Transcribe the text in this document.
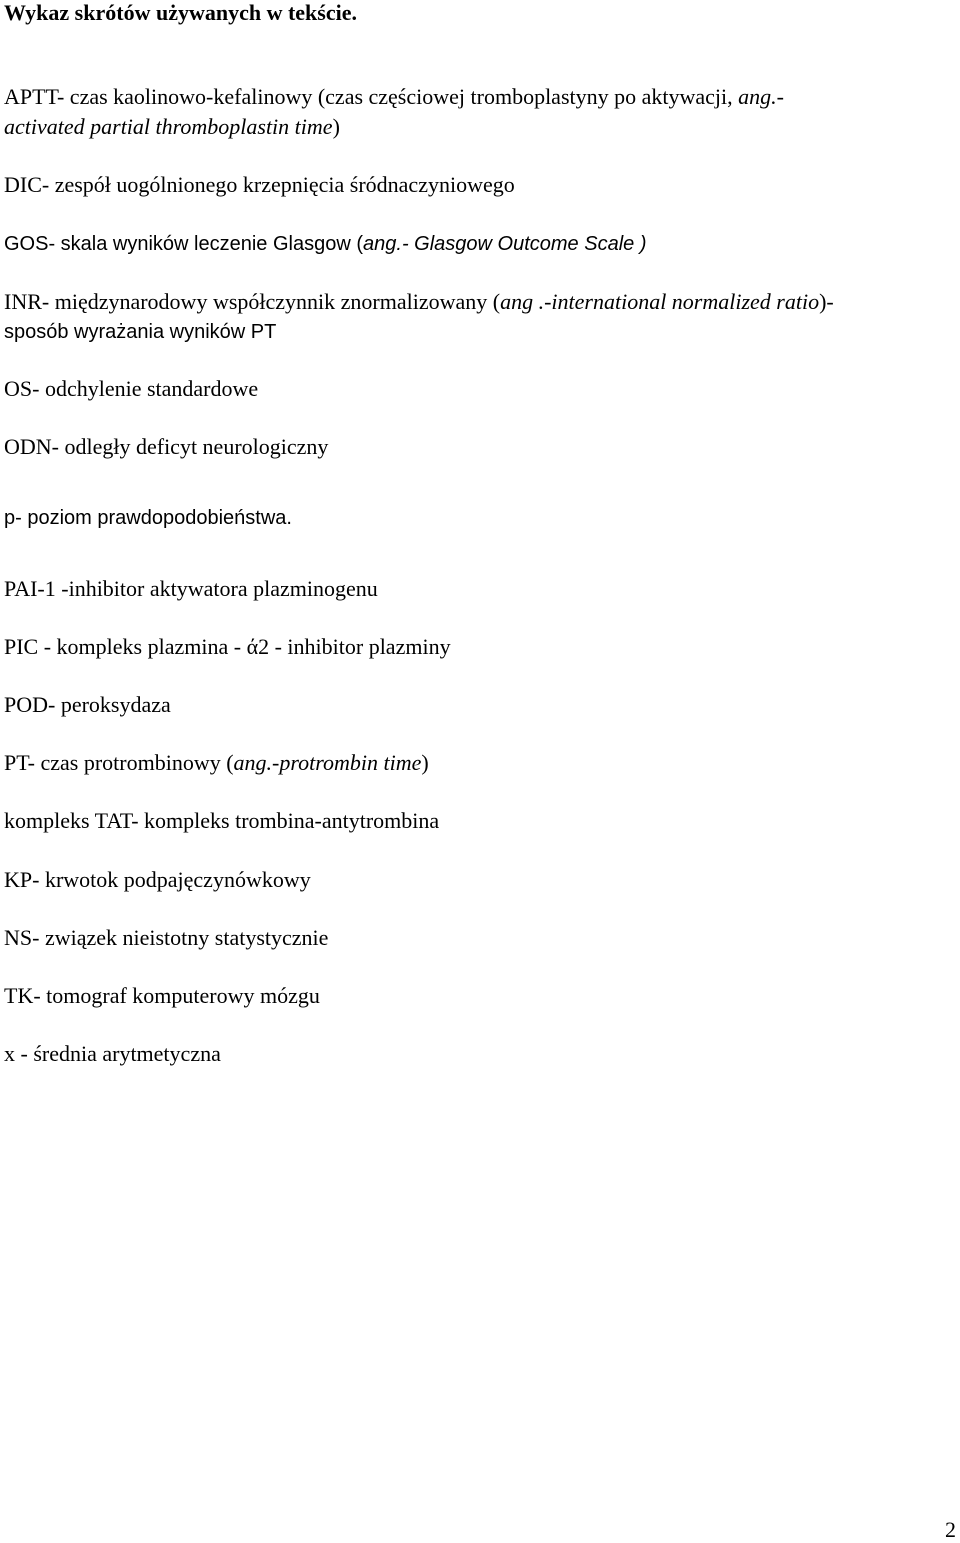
Wykaz skrótów używanych w tekście.
APTT- czas kaolinowo-kefalinowy (czas częściowej tromboplastyny po aktywacji, ang.-
activated partial thromboplastin time)
DIC- zespół uogólnionego krzepnięcia śródnaczyniowego
GOS- skala wyników leczenie Glasgow (ang.- Glasgow Outcome Scale )
INR- międzynarodowy współczynnik znormalizowany (ang .-international normalized ratio)-
sposób wyrażania wyników PT
OS- odchylenie standardowe
ODN- odległy deficyt neurologiczny
p- poziom prawdopodobieństwa.
PAI-1 -inhibitor aktywatora plazminogenu
PIC - kompleks plazmina - ά2 - inhibitor plazminy
POD- peroksydaza
PT- czas protrombinowy (ang.-protrombin time)
kompleks TAT- kompleks trombina-antytrombina
KP- krwotok podpajęczynówkowy
NS- związek nieistotny statystycznie
TK- tomograf komputerowy mózgu
x - średnia arytmetyczna
2
